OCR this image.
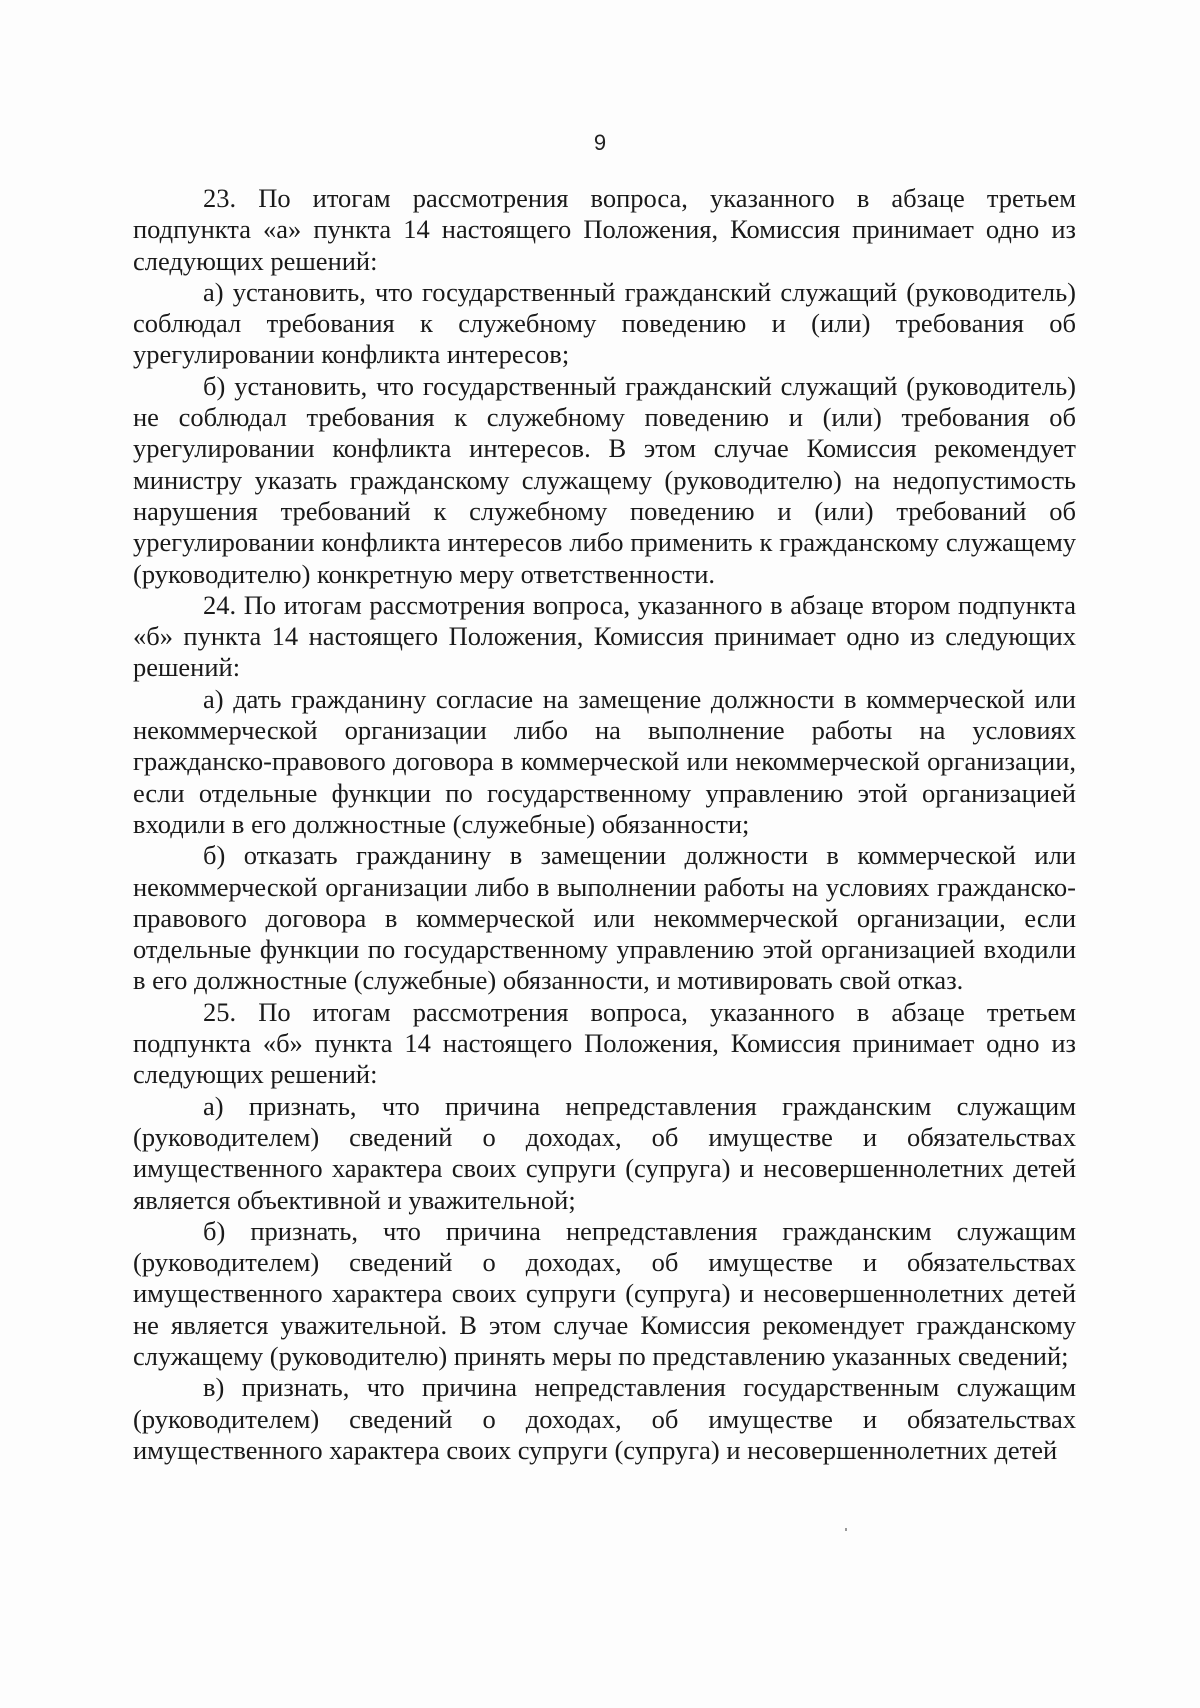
9

23. По итогам рассмотрения вопроса, указанного в абзаце третьем подпункта «а» пункта 14 настоящего Положения, Комиссия принимает одно из следующих решений:

а) установить, что государственный гражданский служащий (руководитель) соблюдал требования к служебному поведению и (или) требования об урегулировании конфликта интересов;

б) установить, что государственный гражданский служащий (руководитель) не соблюдал требования к служебному поведению и (или) требования об урегулировании конфликта интересов. В этом случае Комиссия рекомендует министру указать гражданскому служащему (руководителю) на недопустимость нарушения требований к служебному поведению и (или) требований об урегулировании конфликта интересов либо применить к гражданскому служащему (руководителю) конкретную меру ответственности.

24. По итогам рассмотрения вопроса, указанного в абзаце втором подпункта «б» пункта 14 настоящего Положения, Комиссия принимает одно из следующих решений:

а) дать гражданину согласие на замещение должности в коммерческой или некоммерческой организации либо на выполнение работы на условиях гражданско-правового договора в коммерческой или некоммерческой организации, если отдельные функции по государственному управлению этой организацией входили в его должностные (служебные) обязанности;

б) отказать гражданину в замещении должности в коммерческой или некоммерческой организации либо в выполнении работы на условиях гражданско-правового договора в коммерческой или некоммерческой организации, если отдельные функции по государственному управлению этой организацией входили в его должностные (служебные) обязанности, и мотивировать свой отказ.

25. По итогам рассмотрения вопроса, указанного в абзаце третьем подпункта «б» пункта 14 настоящего Положения, Комиссия принимает одно из следующих решений:

а) признать, что причина непредставления гражданским служащим (руководителем) сведений о доходах, об имуществе и обязательствах имущественного характера своих супруги (супруга) и несовершеннолетних детей является объективной и уважительной;

б) признать, что причина непредставления гражданским служащим (руководителем) сведений о доходах, об имуществе и обязательствах имущественного характера своих супруги (супруга) и несовершеннолетних детей не является уважительной. В этом случае Комиссия рекомендует гражданскому служащему (руководителю) принять меры по представлению указанных сведений;

в) признать, что причина непредставления государственным служащим (руководителем) сведений о доходах, об имуществе и обязательствах имущественного характера своих супруги (супруга) и несовершеннолетних детей
